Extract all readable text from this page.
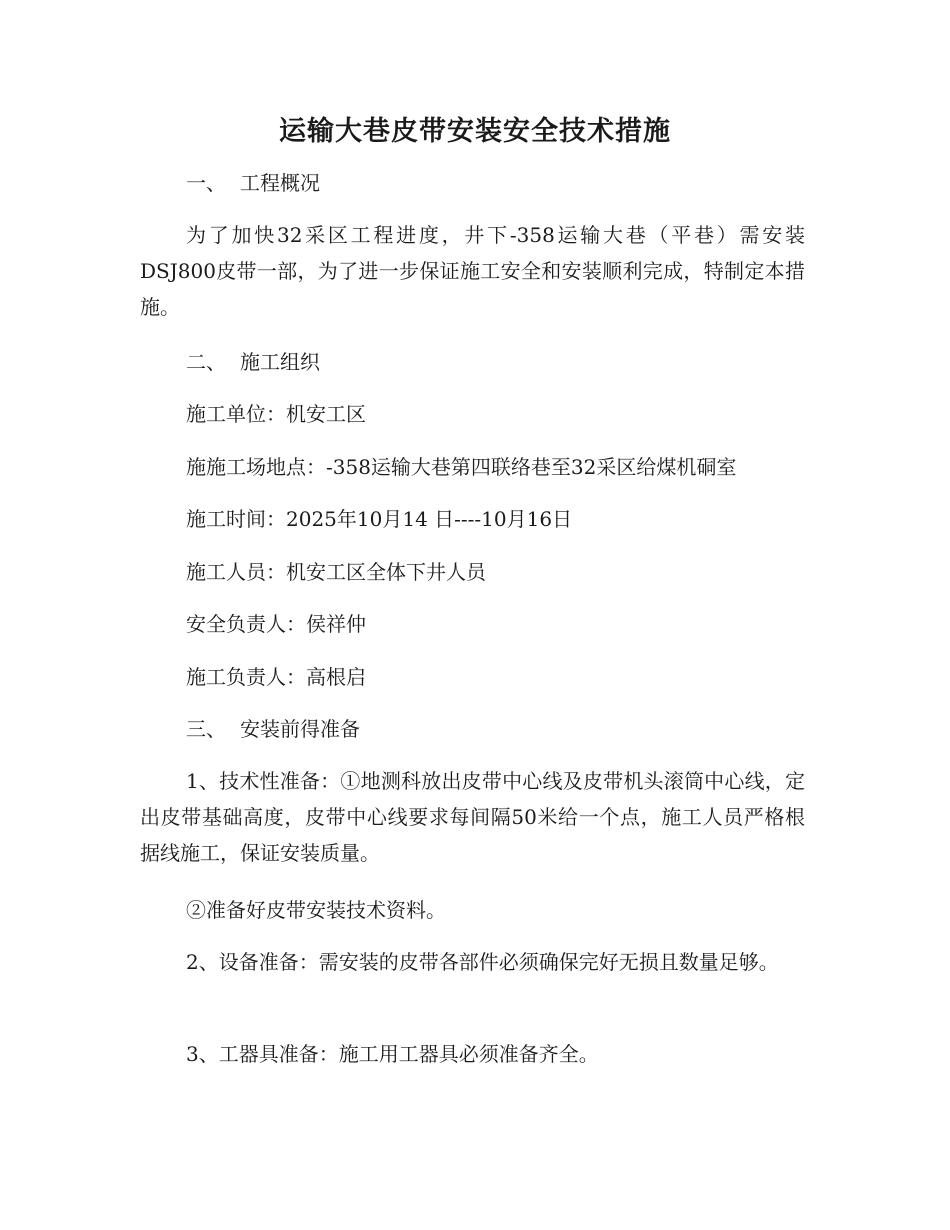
运输大巷皮带安装安全技术措施

一、 工程概况

为了加快32采区工程进度，井下-358运输大巷（平巷）需安装DSJ800皮带一部，为了进一步保证施工安全和安装顺利完成，特制定本措施。

二、 施工组织

施工单位：机安工区

施施工场地点：-358运输大巷第四联络巷至32采区给煤机硐室

施工时间：2025年10月14 日----10月16日

施工人员：机安工区全体下井人员

安全负责人：侯祥仲

施工负责人：高根启

三、 安装前得准备

1、技术性准备：①地测科放出皮带中心线及皮带机头滚筒中心线，定出皮带基础高度，皮带中心线要求每间隔50米给一个点，施工人员严格根据线施工，保证安装质量。

②准备好皮带安装技术资料。

2、设备准备：需安装的皮带各部件必须确保完好无损且数量足够。

3、工器具准备：施工用工器具必须准备齐全。
